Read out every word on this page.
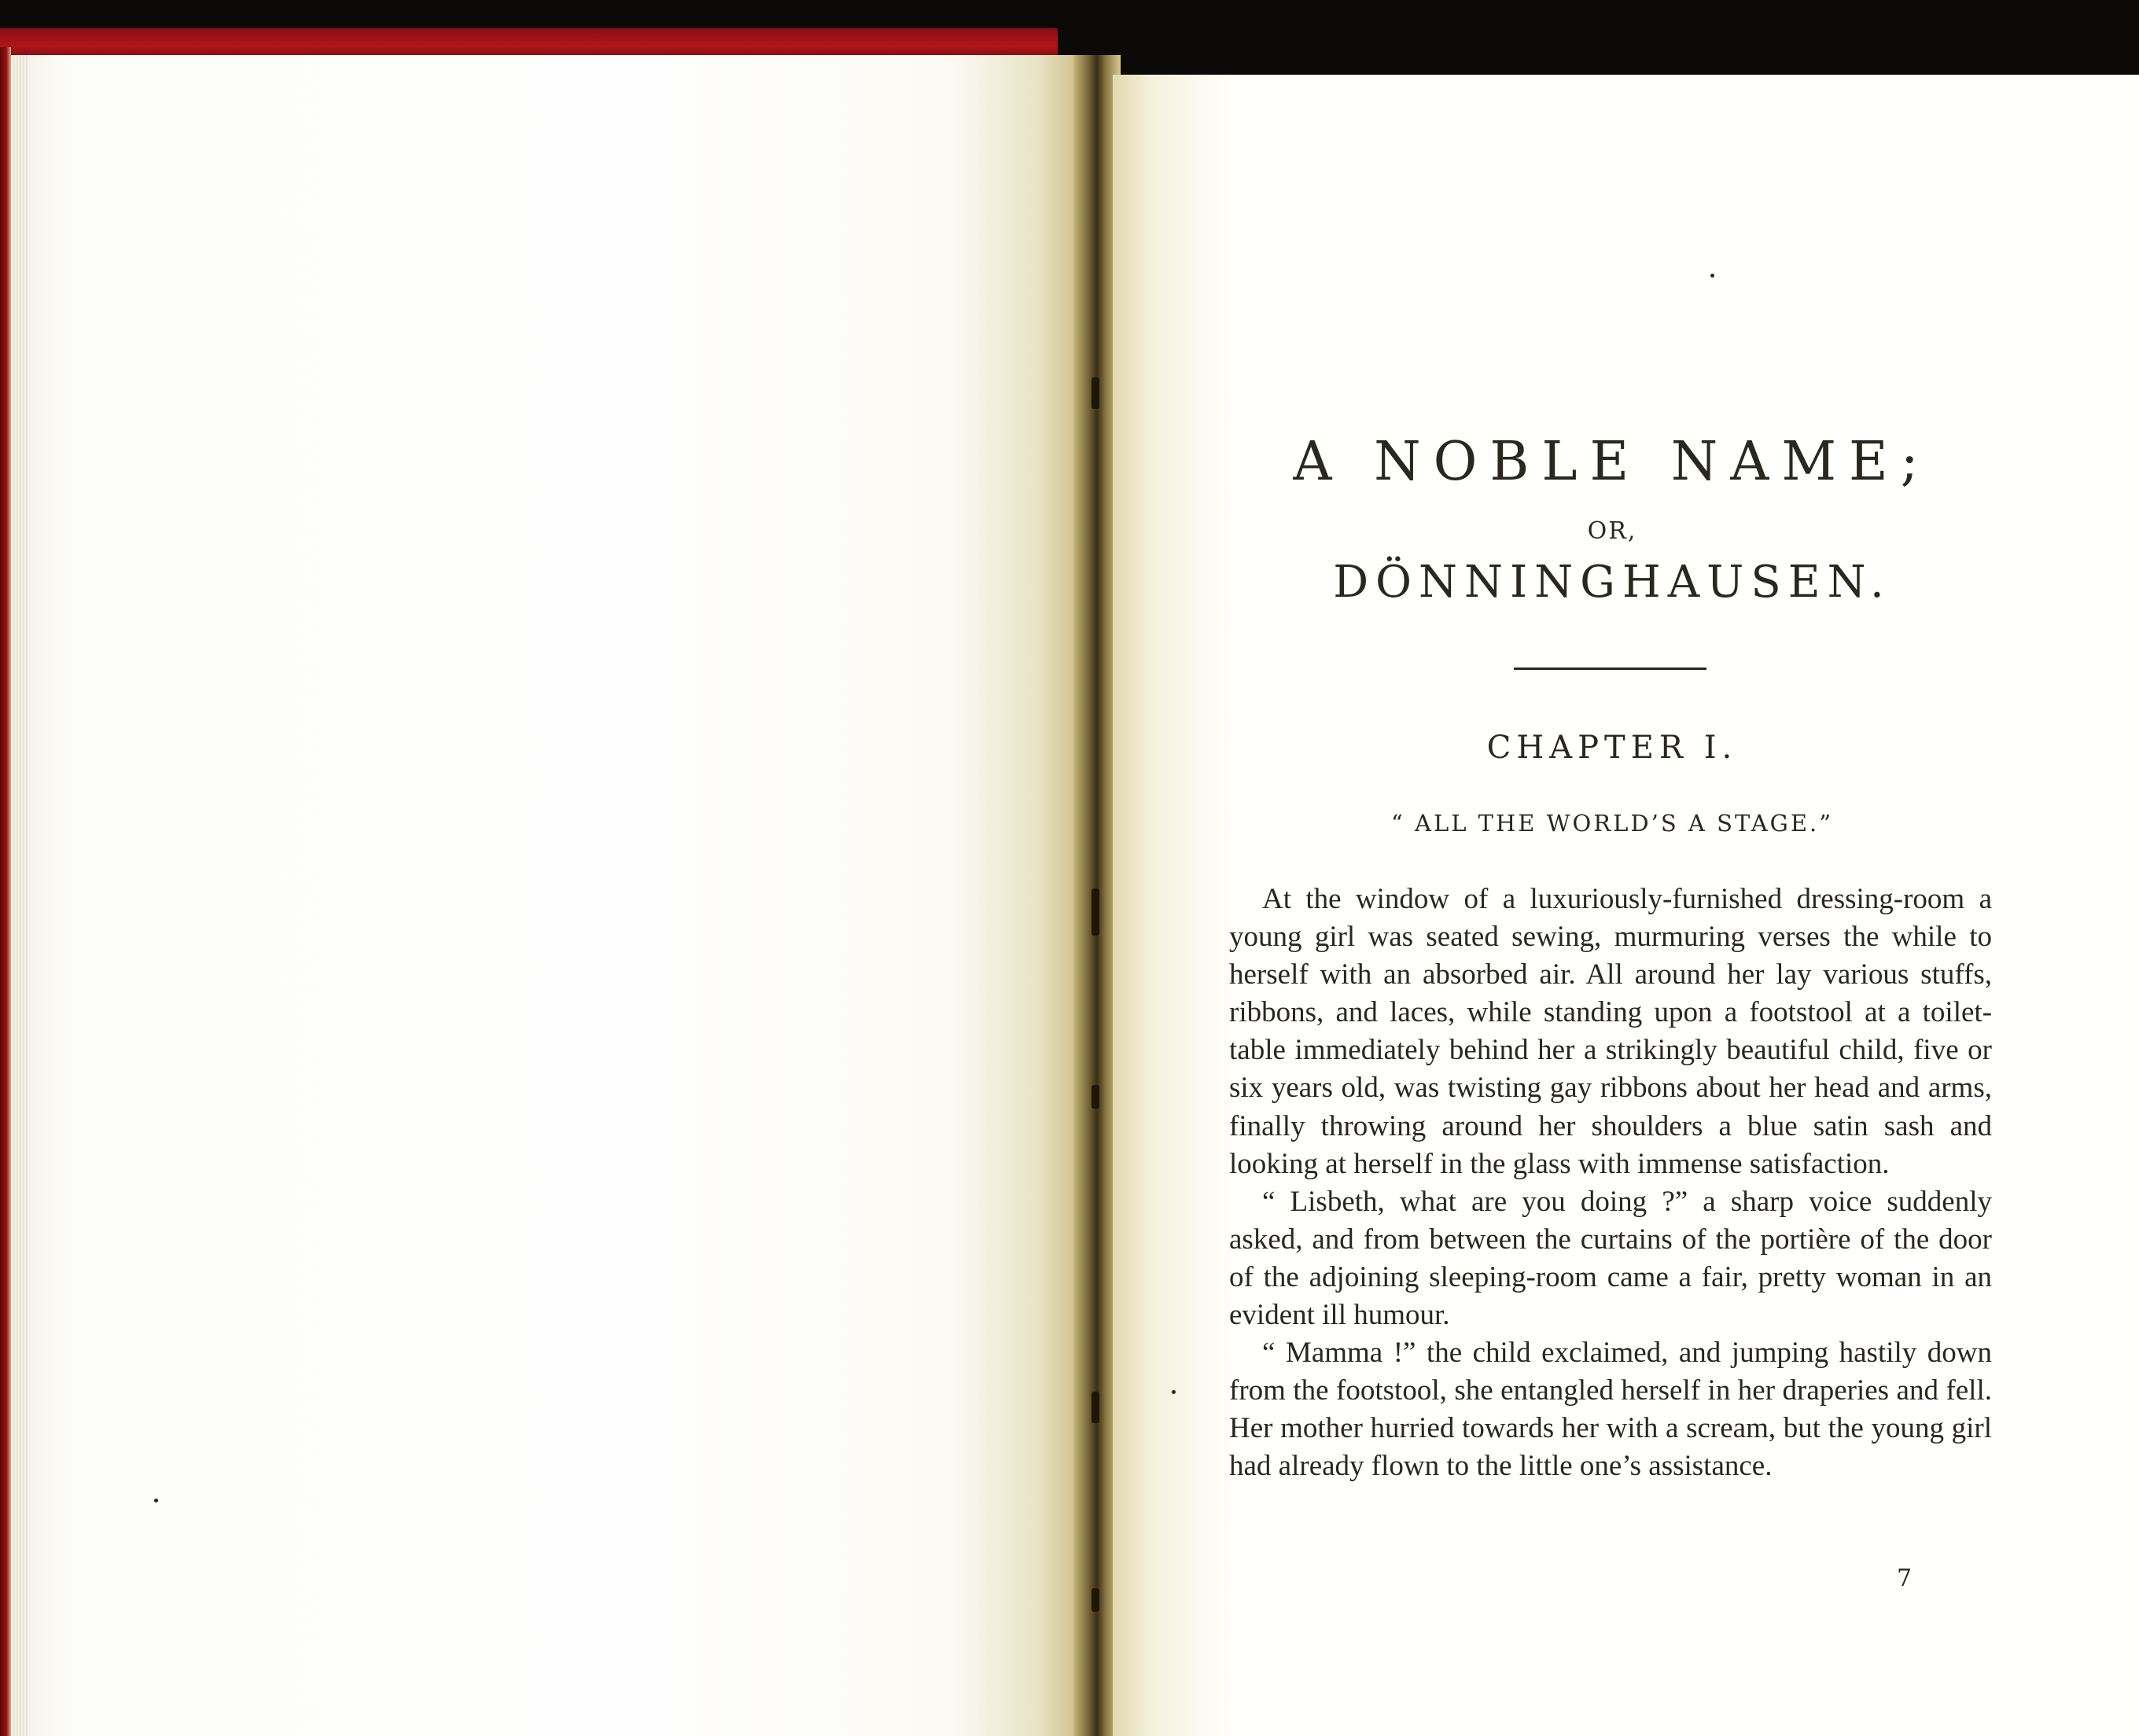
A NOBLE NAME;
OR,
DÖNNINGHAUSEN.
CHAPTER I.
“ ALL THE WORLD’S A STAGE.”

At the window of a luxuriously-furnished dressing-room a young girl was seated sewing, murmuring verses the while to herself with an absorbed air. All around her lay various stuffs, ribbons, and laces, while standing upon a footstool at a toilet-table immediately behind her a strikingly beautiful child, five or six years old, was twisting gay ribbons about her head and arms, finally throwing around her shoulders a blue satin sash and looking at herself in the glass with immense satisfaction.

“ Lisbeth, what are you doing ?” a sharp voice suddenly asked, and from between the curtains of the portière of the door of the adjoining sleeping-room came a fair, pretty woman in an evident ill humour.

“ Mamma !” the child exclaimed, and jumping hastily down from the footstool, she entangled herself in her draperies and fell. Her mother hurried towards her with a scream, but the young girl had already flown to the little one’s assistance.

7
